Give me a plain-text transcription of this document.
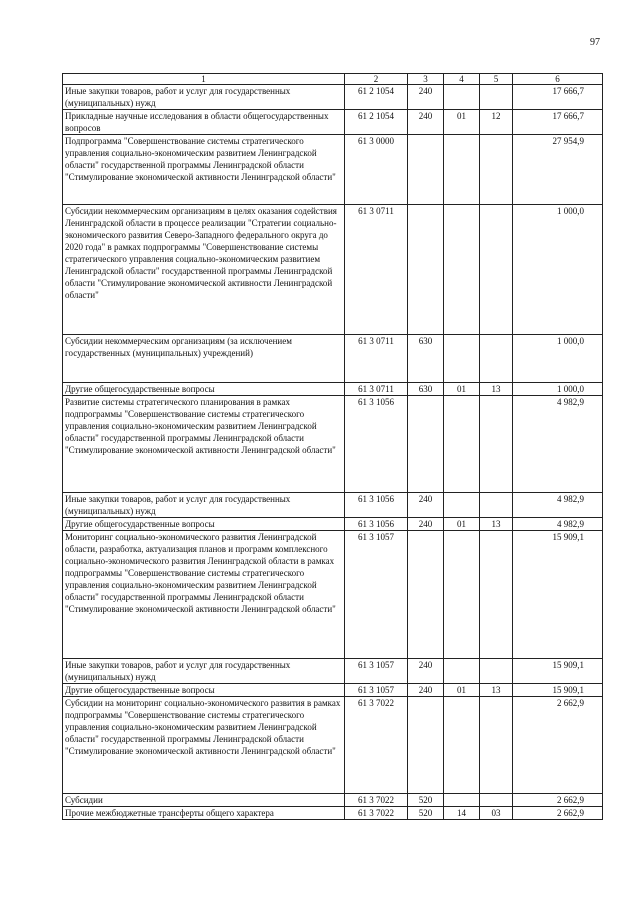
97
1	2	3	4	5	6
Иные закупки товаров, работ и услуг для государственных (муниципальных) нужд	61 2 1054	240			17 666,7
Прикладные научные исследования в области общегосударственных вопросов	61 2 1054	240	01	12	17 666,7
Подпрограмма "Совершенствование системы стратегического управления социально-экономическим развитием Ленинградской области" государственной программы Ленинградской области "Стимулирование экономической активности Ленинградской области"	61 3 0000				27 954,9
Субсидии некоммерческим организациям в целях оказания содействия Ленинградской области в процессе реализации "Стратегии социально-экономического развития Северо-Западного федерального округа до 2020 года" в рамках подпрограммы "Совершенствование системы стратегического управления социально-экономическим развитием Ленинградской области" государственной программы Ленинградской области "Стимулирование экономической активности Ленинградской области"	61 3 0711				1 000,0
Субсидии некоммерческим организациям (за исключением государственных (муниципальных) учреждений)	61 3 0711	630			1 000,0
Другие общегосударственные вопросы	61 3 0711	630	01	13	1 000,0
Развитие системы стратегического планирования в рамках подпрограммы "Совершенствование системы стратегического управления социально-экономическим развитием Ленинградской области" государственной программы Ленинградской области "Стимулирование экономической активности Ленинградской области"	61 3 1056				4 982,9
Иные закупки товаров, работ и услуг для государственных (муниципальных) нужд	61 3 1056	240			4 982,9
Другие общегосударственные вопросы	61 3 1056	240	01	13	4 982,9
Мониторинг социально-экономического развития Ленинградской области, разработка, актуализация планов и программ комплексного социально-экономического развития Ленинградской области в рамках подпрограммы "Совершенствование системы стратегического управления социально-экономическим развитием Ленинградской области" государственной программы Ленинградской области "Стимулирование экономической активности Ленинградской области"	61 3 1057				15 909,1
Иные закупки товаров, работ и услуг для государственных (муниципальных) нужд	61 3 1057	240			15 909,1
Другие общегосударственные вопросы	61 3 1057	240	01	13	15 909,1
Субсидии на мониторинг социально-экономического развития в рамках подпрограммы "Совершенствование системы стратегического управления социально-экономическим развитием Ленинградской области" государственной программы Ленинградской области "Стимулирование экономической активности Ленинградской области"	61 3 7022				2 662,9
Субсидии	61 3 7022	520			2 662,9
Прочие межбюджетные трансферты общего характера	61 3 7022	520	14	03	2 662,9
